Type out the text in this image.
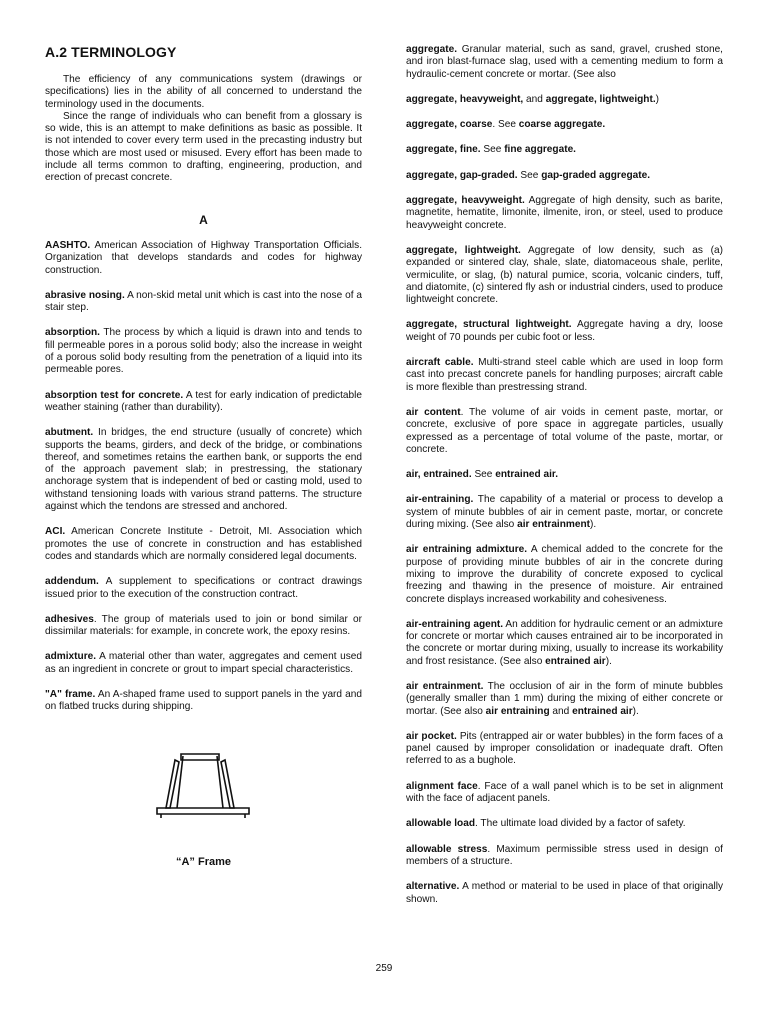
A.2 TERMINOLOGY

The efficiency of any communications system (drawings or specifications) lies in the ability of all concerned to understand the terminology used in the documents.

Since the range of individuals who can benefit from a glossary is so wide, this is an attempt to make definitions as basic as possible. It is not intended to cover every term used in the precasting industry but those which are most used or misused. Every effort has been made to include all terms common to drafting, engineering, production, and erection of precast concrete.

A

AASHTO. American Association of Highway Transportation Officials. Organization that develops standards and codes for highway construction.

abrasive nosing. A non-skid metal unit which is cast into the nose of a stair step.

absorption. The process by which a liquid is drawn into and tends to fill permeable pores in a porous solid body; also the increase in weight of a porous solid body resulting from the penetration of a liquid into its permeable pores.

absorption test for concrete. A test for early indication of predictable weather staining (rather than durability).

abutment. In bridges, the end structure (usually of concrete) which supports the beams, girders, and deck of the bridge, or combinations thereof, and sometimes retains the earthen bank, or supports the end of the approach pavement slab; in prestressing, the stationary anchorage system that is independent of bed or casting mold, used to withstand tensioning loads with various strand patterns. The structure against which the tendons are stressed and anchored.

ACI. American Concrete Institute - Detroit, MI. Association which promotes the use of concrete in construction and has established codes and standards which are normally considered legal documents.

addendum. A supplement to specifications or contract drawings issued prior to the execution of the construction contract.

adhesives. The group of materials used to join or bond similar or dissimilar materials: for example, in concrete work, the epoxy resins.

admixture. A material other than water, aggregates and cement used as an ingredient in concrete or grout to impart special characteristics.

"A" frame. An A-shaped frame used to support panels in the yard and on flatbed trucks during shipping.

“A” Frame

aggregate. Granular material, such as sand, gravel, crushed stone, and iron blast-furnace slag, used with a cementing medium to form a hydraulic-cement concrete or mortar. (See also

aggregate, heavyweight, and aggregate, lightweight.)

aggregate, coarse. See coarse aggregate.

aggregate, fine. See fine aggregate.

aggregate, gap-graded. See gap-graded aggregate.

aggregate, heavyweight. Aggregate of high density, such as barite, magnetite, hematite, limonite, ilmenite, iron, or steel, used to produce heavyweight concrete.

aggregate, lightweight. Aggregate of low density, such as (a) expanded or sintered clay, shale, slate, diatomaceous shale, perlite, vermiculite, or slag, (b) natural pumice, scoria, volcanic cinders, tuff, and diatomite, (c) sintered fly ash or industrial cinders, used to produce lightweight concrete.

aggregate, structural lightweight. Aggregate having a dry, loose weight of 70 pounds per cubic foot or less.

aircraft cable. Multi-strand steel cable which are used in loop form cast into precast concrete panels for handling purposes; aircraft cable is more flexible than prestressing strand.

air content. The volume of air voids in cement paste, mortar, or concrete, exclusive of pore space in aggregate particles, usually expressed as a percentage of total volume of the paste, mortar, or concrete.

air, entrained. See entrained air.

air-entraining. The capability of a material or process to develop a system of minute bubbles of air in cement paste, mortar, or concrete during mixing. (See also air entrainment).

air entraining admixture. A chemical added to the concrete for the purpose of providing minute bubbles of air in the concrete during mixing to improve the durability of concrete exposed to cyclical freezing and thawing in the presence of moisture. Air entrained concrete displays increased workability and cohesiveness.

air-entraining agent. An addition for hydraulic cement or an admixture for concrete or mortar which causes entrained air to be incorporated in the concrete or mortar during mixing, usually to increase its workability and frost resistance. (See also entrained air).

air entrainment. The occlusion of air in the form of minute bubbles (generally smaller than 1 mm) during the mixing of either concrete or mortar. (See also air entraining and entrained air).

air pocket. Pits (entrapped air or water bubbles) in the form faces of a panel caused by improper consolidation or inadequate draft. Often referred to as a bughole.

alignment face. Face of a wall panel which is to be set in alignment with the face of adjacent panels.

allowable load. The ultimate load divided by a factor of safety.

allowable stress. Maximum permissible stress used in design of members of a structure.

alternative. A method or material to be used in place of that originally shown.

259
